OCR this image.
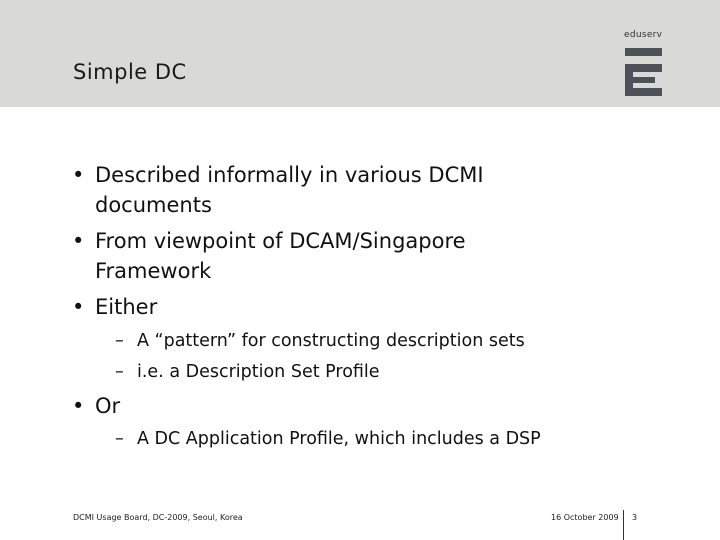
Simple DC
eduserv
• Described informally in various DCMI documents
• From viewpoint of DCAM/Singapore Framework
• Either
– A “pattern” for constructing description sets
– i.e. a Description Set Profile
• Or
– A DC Application Profile, which includes a DSP
DCMI Usage Board, DC-2009, Seoul, Korea	16 October 2009 3
